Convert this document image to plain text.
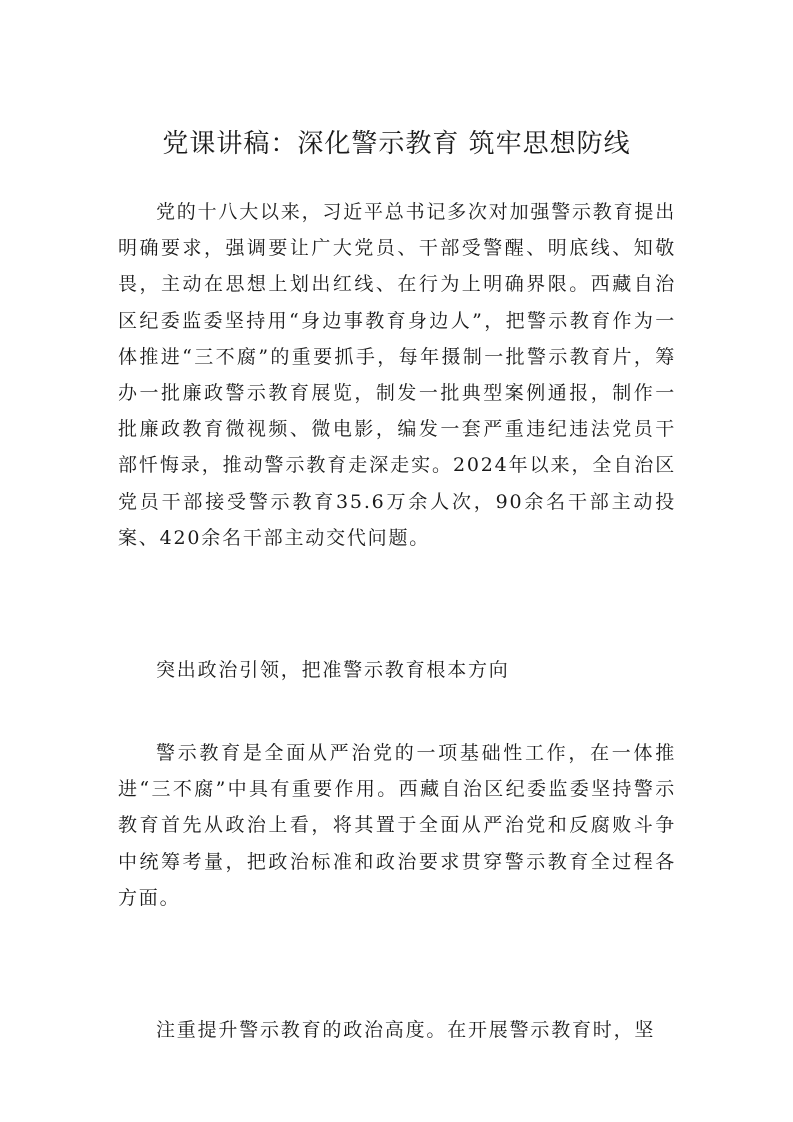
党课讲稿：深化警示教育 筑牢思想防线

党的十八大以来，习近平总书记多次对加强警示教育提出明确要求，强调要让广大党员、干部受警醒、明底线、知敬畏，主动在思想上划出红线、在行为上明确界限。西藏自治区纪委监委坚持用“身边事教育身边人”，把警示教育作为一体推进“三不腐”的重要抓手，每年摄制一批警示教育片，筹办一批廉政警示教育展览，制发一批典型案例通报，制作一批廉政教育微视频、微电影，编发一套严重违纪违法党员干部忏悔录，推动警示教育走深走实。2024年以来，全自治区党员干部接受警示教育35.6万余人次，90余名干部主动投案、420余名干部主动交代问题。

突出政治引领，把准警示教育根本方向

警示教育是全面从严治党的一项基础性工作，在一体推进“三不腐”中具有重要作用。西藏自治区纪委监委坚持警示教育首先从政治上看，将其置于全面从严治党和反腐败斗争中统筹考量，把政治标准和政治要求贯穿警示教育全过程各方面。

注重提升警示教育的政治高度。在开展警示教育时，坚
